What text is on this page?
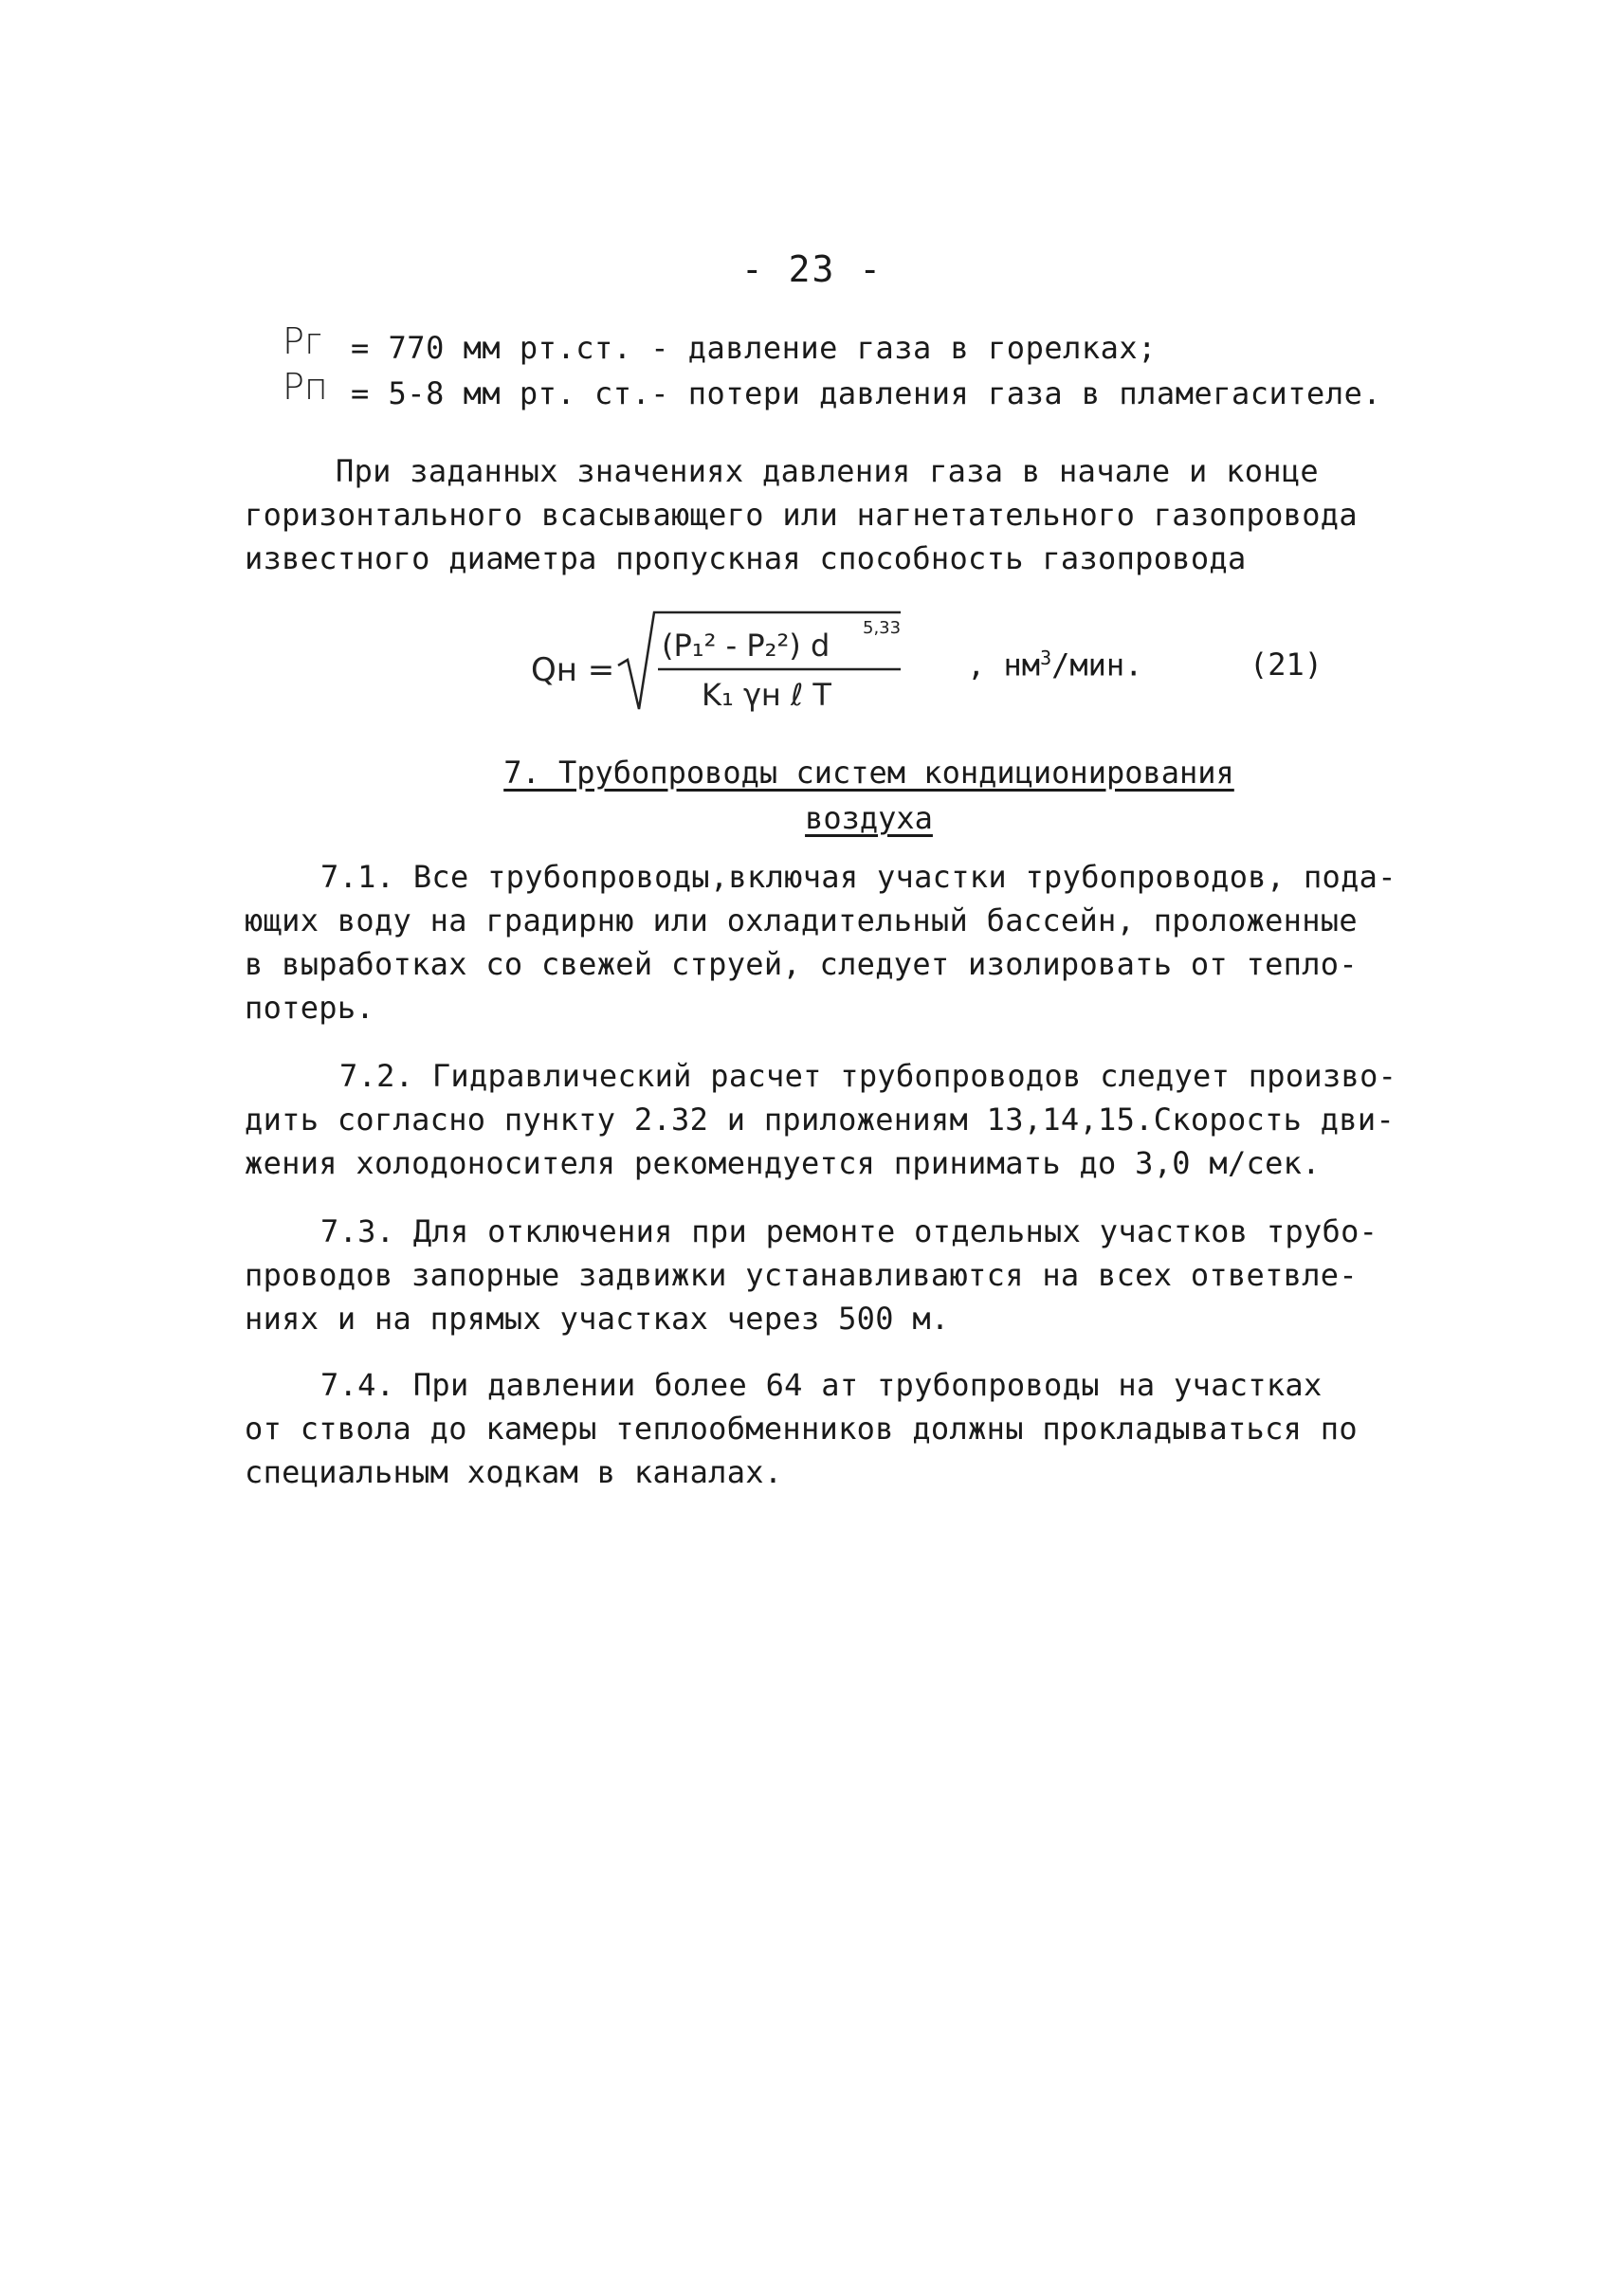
- 23 -
Pг = 770 мм рт.ст. - давление газа в горелках;
Pп = 5-8 мм рт. ст.- потери давления газа в пламегасителе.
При заданных значениях давления газа в начале и конце
горизонтального всасывающего или нагнетательного газопровода
известного диаметра пропускная способность газопровода
Qн =
(P₁² - P₂²) d 5,33
K₁ γн ℓ T
, $нм^3$/мин.	(21)
7. Трубопроводы систем кондиционирования
воздуха
7.1. Все трубопроводы,включая участки трубопроводов, пода-
ющих воду на градирню или охладительный бассейн, проложенные
в выработках со свежей струей, следует изолировать от тепло-
потерь.
7.2. Гидравлический расчет трубопроводов следует произво-
дить согласно пункту 2.32 и приложениям 13,14,15.Скорость дви-
жения холодоносителя рекомендуется принимать до 3,0 м/сек.
7.3. Для отключения при ремонте отдельных участков трубо-
проводов запорные задвижки устанавливаются на всех ответвле-
ниях и на прямых участках через 500 м.
7.4. При давлении более 64 ат трубопроводы на участках
от ствола до камеры теплообменников должны прокладываться по
специальным ходкам в каналах.
